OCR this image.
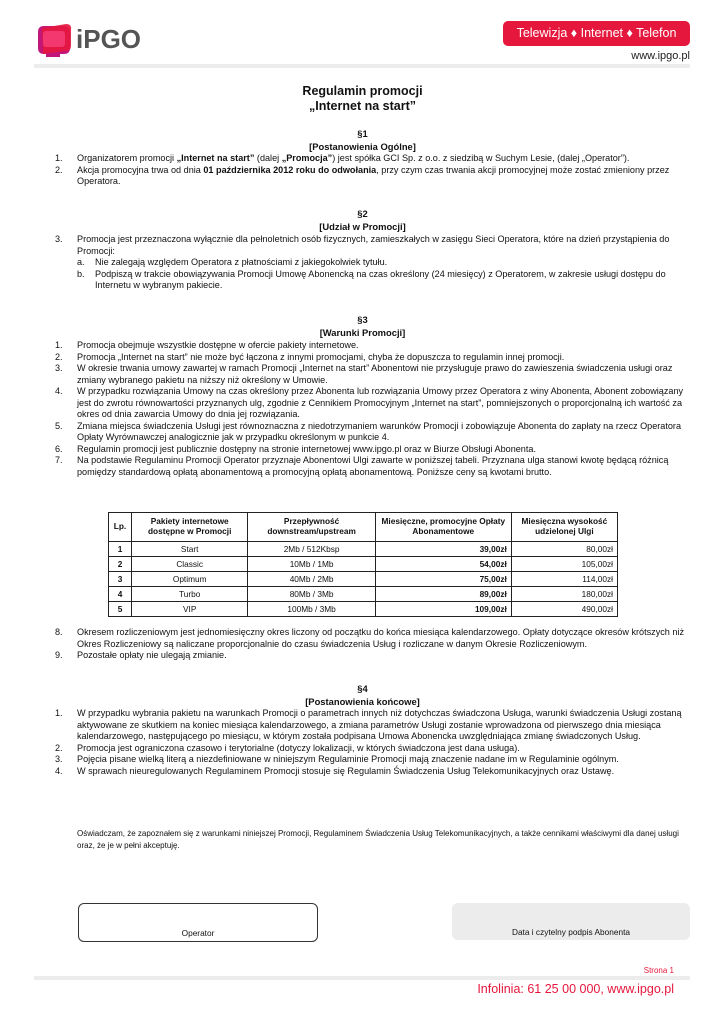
iPGO	Telewizja ♦ Internet ♦ Telefon
www.ipgo.pl
Regulamin promocji
„Internet na start”
§1
[Postanowienia Ogólne]
1.	Organizatorem promocji „Internet na start” (dalej „Promocja”) jest spółka GCI Sp. z o.o. z siedzibą w Suchym Lesie, (dalej „Operator”).
2.	Akcja promocyjna trwa od dnia 01 października 2012 roku do odwołania, przy czym czas trwania akcji promocyjnej może zostać zmieniony przez Operatora.
§2
[Udział w Promocji]
3.	Promocja jest przeznaczona wyłącznie dla pełnoletnich osób fizycznych, zamieszkałych w zasięgu Sieci Operatora, które na dzień przystąpienia do Promocji:
a.	Nie zalegają względem Operatora z płatnościami z jakiegokolwiek tytułu.
b.	Podpiszą w trakcie obowiązywania Promocji Umowę Abonencką na czas określony (24 miesięcy) z Operatorem, w zakresie usługi dostępu do Internetu w wybranym pakiecie.
§3
[Warunki Promocji]
1.	Promocja obejmuje wszystkie dostępne w ofercie pakiety internetowe.
2.	Promocja „Internet na start” nie może być łączona z innymi promocjami, chyba że dopuszcza to regulamin innej promocji.
3.	W okresie trwania umowy zawartej w ramach Promocji „Internet na start” Abonentowi nie przysługuje prawo do zawieszenia świadczenia usługi oraz zmiany wybranego pakietu na niższy niż określony w Umowie.
4.	W przypadku rozwiązania Umowy na czas określony przez Abonenta lub rozwiązania Umowy przez Operatora z winy Abonenta, Abonent zobowiązany jest do zwrotu równowartości przyznanych ulg, zgodnie z Cennikiem Promocyjnym „Internet na start”, pomniejszonych o proporcjonalną ich wartość za okres od dnia zawarcia Umowy do dnia jej rozwiązania.
5.	Zmiana miejsca świadczenia Usługi jest równoznaczna z niedotrzymaniem warunków Promocji i zobowiązuje Abonenta do zapłaty na rzecz Operatora Opłaty Wyrównawczej analogicznie jak w przypadku określonym w punkcie 4.
6.	Regulamin promocji jest publicznie dostępny na stronie internetowej www.ipgo.pl oraz w Biurze Obsługi Abonenta.
7.	Na podstawie Regulaminu Promocji Operator przyznaje Abonentowi Ulgi zawarte w poniższej tabeli. Przyznana ulga stanowi kwotę będącą różnicą pomiędzy standardową opłatą abonamentową a promocyjną opłatą abonamentową. Poniższe ceny są kwotami brutto.
Lp.	Pakiety internetowe dostępne w Promocji	Przepływność downstream/upstream	Miesięczne, promocyjne Opłaty Abonamentowe	Miesięczna wysokość udzielonej Ulgi
1	Start	2Mb / 512Kbsp	39,00zł	80,00zł
2	Classic	10Mb / 1Mb	54,00zł	105,00zł
3	Optimum	40Mb / 2Mb	75,00zł	114,00zł
4	Turbo	80Mb / 3Mb	89,00zł	180,00zł
5	VIP	100Mb / 3Mb	109,00zł	490,00zł
8.	Okresem rozliczeniowym jest jednomiesięczny okres liczony od początku do końca miesiąca kalendarzowego. Opłaty dotyczące okresów krótszych niż Okres Rozliczeniowy są naliczane proporcjonalnie do czasu świadczenia Usług i rozliczane w danym Okresie Rozliczeniowym.
9.	Pozostałe opłaty nie ulegają zmianie.
§4
[Postanowienia końcowe]
1.	W przypadku wybrania pakietu na warunkach Promocji o parametrach innych niż dotychczas świadczona Usługa, warunki świadczenia Usługi zostaną aktywowane ze skutkiem na koniec miesiąca kalendarzowego, a zmiana parametrów Usługi zostanie wprowadzona od pierwszego dnia miesiąca kalendarzowego, następującego po miesiącu, w którym została podpisana Umowa Abonencka uwzględniająca zmianę świadczonych Usług.
2.	Promocja jest ograniczona czasowo i terytorialne (dotyczy lokalizacji, w których świadczona jest dana usługa).
3.	Pojęcia pisane wielką literą a niezdefiniowane w niniejszym Regulaminie Promocji mają znaczenie nadane im w Regulaminie ogólnym.
4.	W sprawach nieuregulowanych Regulaminem Promocji stosuje się Regulamin Świadczenia Usług Telekomunikacyjnych oraz Ustawę.
Oświadczam, że zapoznałem się z warunkami niniejszej Promocji, Regulaminem Świadczenia Usług Telekomunikacyjnych, a także cennikami właściwymi dla danej usługi oraz, że je w pełni akceptuję.
Operator	Data i czytelny podpis Abonenta
Strona 1
Infolinia: 61 25 00 000, www.ipgo.pl
